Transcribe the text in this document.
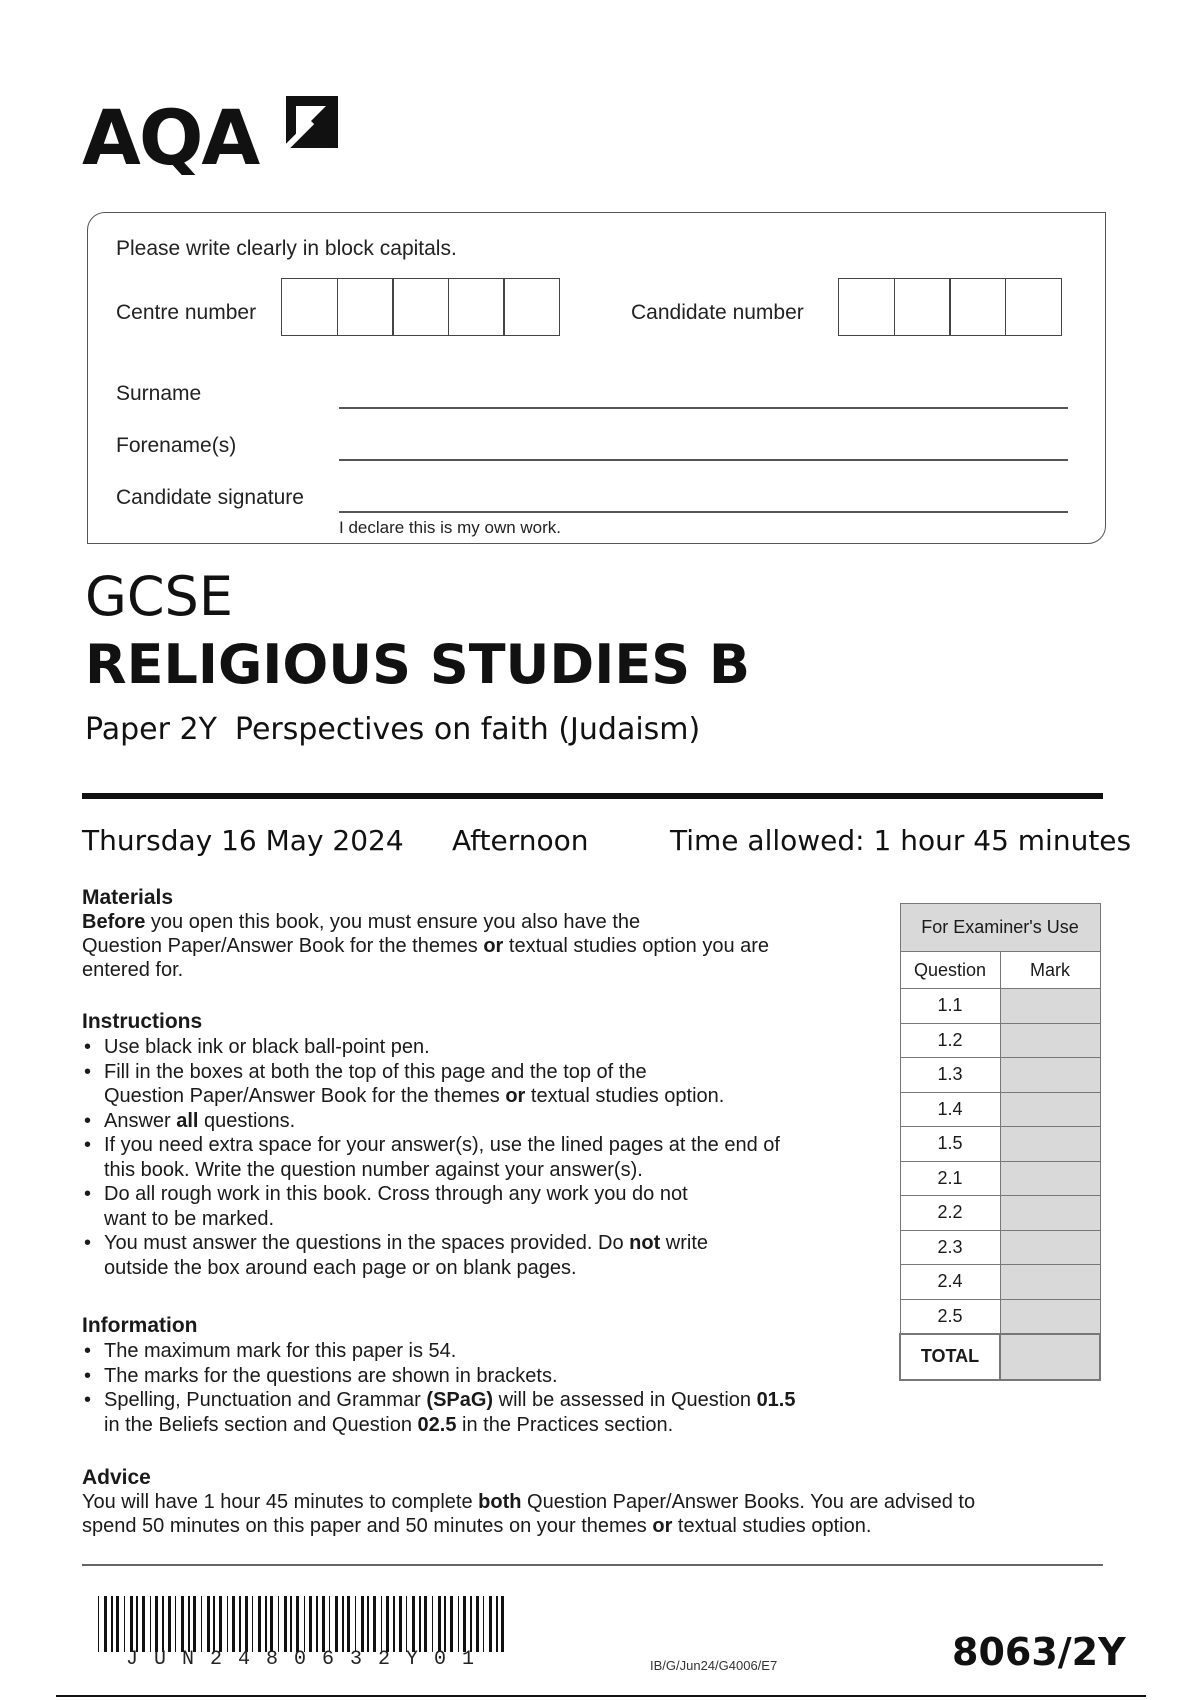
AQA
Please write clearly in block capitals.
Centre number	Candidate number
Surname
Forename(s)
Candidate signature
I declare this is my own work.
GCSE
RELIGIOUS STUDIES B
Paper 2Y Perspectives on faith (Judaism)
Thursday 16 May 2024 Afternoon	Time allowed: 1 hour 45 minutes
Materials
Before you open this book, you must ensure you also have the
Question Paper/Answer Book for the themes or textual studies option you are
entered for.
Instructions
• Use black ink or black ball-point pen.
• Fill in the boxes at both the top of this page and the top of the
Question Paper/Answer Book for the themes or textual studies option.
• Answer all questions.
• If you need extra space for your answer(s), use the lined pages at the end of
this book. Write the question number against your answer(s).
• Do all rough work in this book. Cross through any work you do not
want to be marked.
• You must answer the questions in the spaces provided. Do not write
outside the box around each page or on blank pages.
Information
• The maximum mark for this paper is 54.
• The marks for the questions are shown in brackets.
• Spelling, Punctuation and Grammar (SPaG) will be assessed in Question 01.5
in the Beliefs section and Question 02.5 in the Practices section.
Advice
You will have 1 hour 45 minutes to complete both Question Paper/Answer Books. You are advised to
spend 50 minutes on this paper and 50 minutes on your themes or textual studies option.
For Examiner's Use	
Question	Mark
1.1	
1.2	
1.3	
1.4	
1.5	
2.1	
2.2	
2.3	
2.4	
2.5	
TOTAL	
JUN2480632Y01	IB/G/Jun24/G4006/E7	8063/2Y
